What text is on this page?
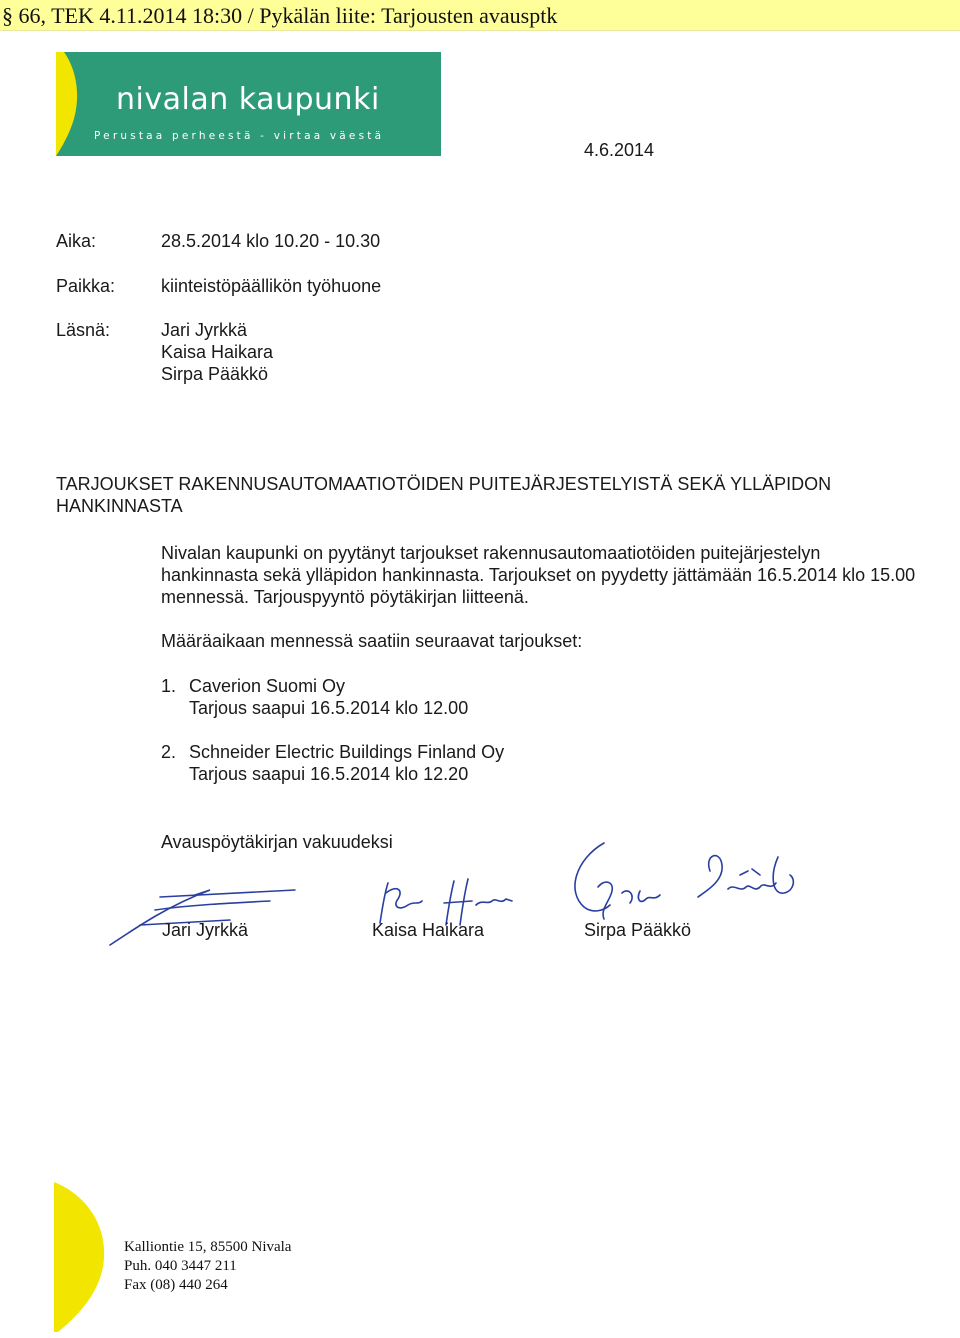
§ 66, TEK 4.11.2014 18:30 / Pykälän liite: Tarjousten avausptk
nivalan kaupunki
Perustaa perheestä - virtaa väestä
4.6.2014
Aika:	28.5.2014 klo 10.20 - 10.30
Paikka:	kiinteistöpäällikön työhuone
Läsnä:	Jari Jyrkkä
Kaisa Haikara
Sirpa Pääkkö
TARJOUKSET RAKENNUSAUTOMAATIOTÖIDEN PUITEJÄRJESTELYISTÄ SEKÄ YLLÄPIDON HANKINNASTA
Nivalan kaupunki on pyytänyt tarjoukset rakennusautomaatiotöiden puitejärjestelyn hankinnasta sekä ylläpidon hankinnasta. Tarjoukset on pyydetty jättämään 16.5.2014 klo 15.00 mennessä. Tarjouspyyntö pöytäkirjan liitteenä.
Määräaikaan mennessä saatiin seuraavat tarjoukset:
1. Caverion Suomi Oy
Tarjous saapui 16.5.2014 klo 12.00
2. Schneider Electric Buildings Finland Oy
Tarjous saapui 16.5.2014 klo 12.20
Avauspöytäkirjan vakuudeksi
Jari Jyrkkä	Kaisa Haikara	Sirpa Pääkkö
Kalliontie 15, 85500 Nivala
Puh. 040 3447 211
Fax (08) 440 264
